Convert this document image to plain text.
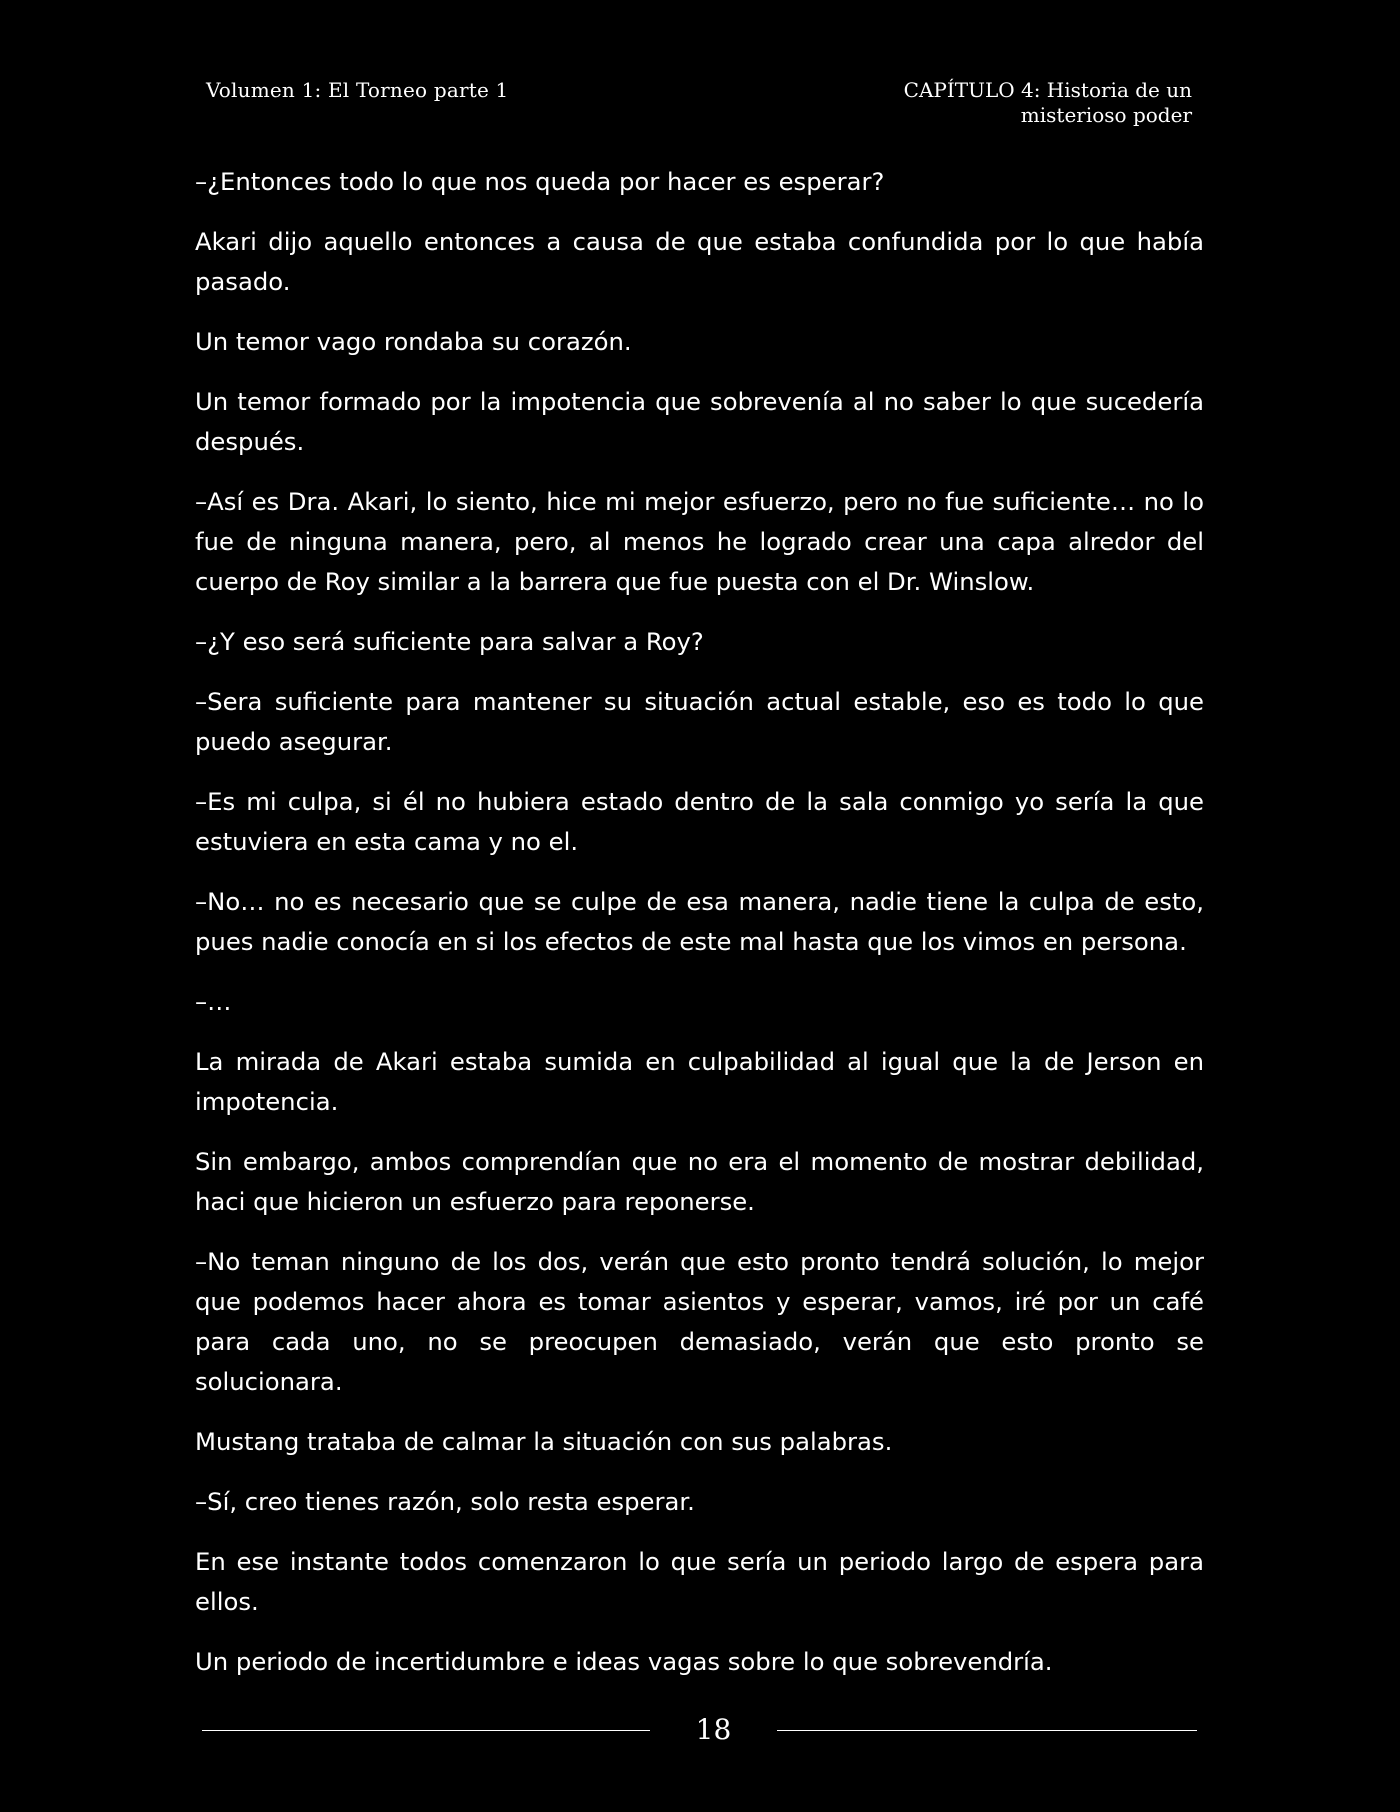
Volumen 1: El Torneo parte 1	CAPÍTULO 4: Historia de un
misterioso poder

–¿Entonces todo lo que nos queda por hacer es esperar?

Akari dijo aquello entonces a causa de que estaba confundida por lo que había pasado.

Un temor vago rondaba su corazón.

Un temor formado por la impotencia que sobrevenía al no saber lo que sucedería después.

–Así es Dra. Akari, lo siento, hice mi mejor esfuerzo, pero no fue suficiente… no lo fue de ninguna manera, pero, al menos he logrado crear una capa alredor del cuerpo de Roy similar a la barrera que fue puesta con el Dr. Winslow.

–¿Y eso será suficiente para salvar a Roy?

–Sera suficiente para mantener su situación actual estable, eso es todo lo que puedo asegurar.

–Es mi culpa, si él no hubiera estado dentro de la sala conmigo yo sería la que estuviera en esta cama y no el.

–No… no es necesario que se culpe de esa manera, nadie tiene la culpa de esto, pues nadie conocía en si los efectos de este mal hasta que los vimos en persona.

–…

La mirada de Akari estaba sumida en culpabilidad al igual que la de Jerson en impotencia.

Sin embargo, ambos comprendían que no era el momento de mostrar debilidad, haci que hicieron un esfuerzo para reponerse.

–No teman ninguno de los dos, verán que esto pronto tendrá solución, lo mejor que podemos hacer ahora es tomar asientos y esperar, vamos, iré por un café para cada uno, no se preocupen demasiado, verán que esto pronto se solucionara.

Mustang trataba de calmar la situación con sus palabras.

–Sí, creo tienes razón, solo resta esperar.

En ese instante todos comenzaron lo que sería un periodo largo de espera para ellos.

Un periodo de incertidumbre e ideas vagas sobre lo que sobrevendría.

18
